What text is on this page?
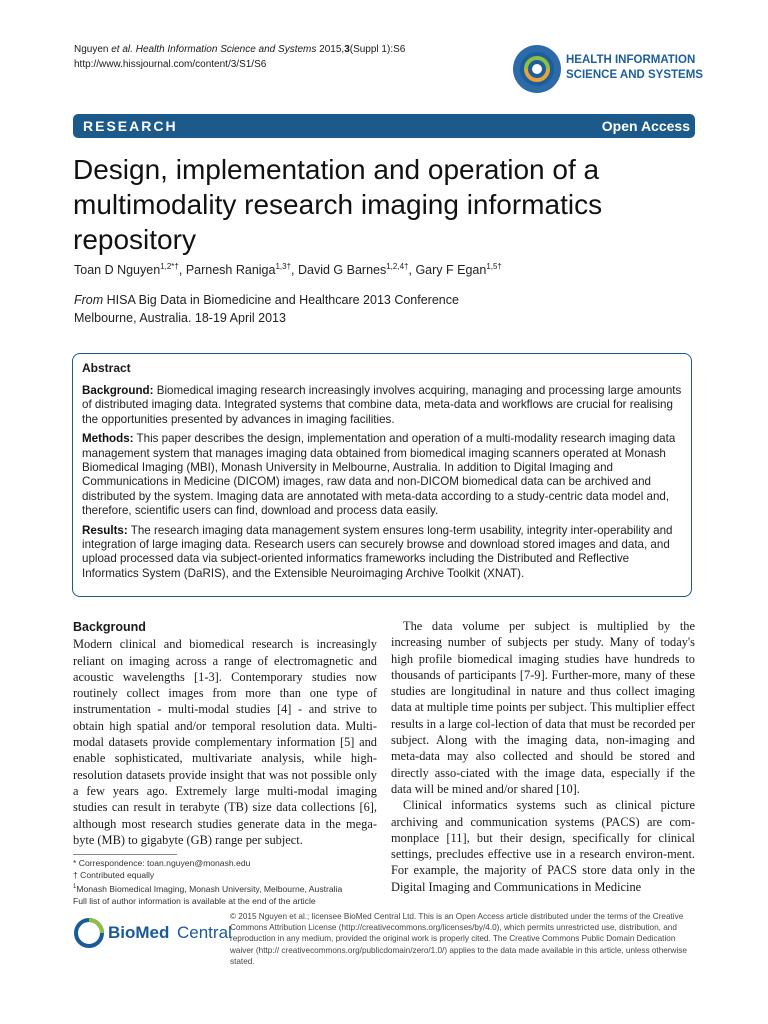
Nguyen et al. Health Information Science and Systems 2015,3(Suppl 1):S6
http://www.hissjournal.com/content/3/S1/S6	HEALTH INFORMATION
SCIENCE AND SYSTEMS
RESEARCH	Open Access
Design, implementation and operation of a multimodality research imaging informatics repository
Toan D Nguyen$^{1,2*\dagger}$, Parnesh Raniga$^{1,3\dagger}$, David G Barnes$^{1,2,4\dagger}$, Gary F Egan$^{1,5\dagger}$
From HISA Big Data in Biomedicine and Healthcare 2013 Conference
Melbourne, Australia. 18-19 April 2013
Abstract

Background: Biomedical imaging research increasingly involves acquiring, managing and processing large amounts of distributed imaging data. Integrated systems that combine data, meta-data and workflows are crucial for realising the opportunities presented by advances in imaging facilities.

Methods: This paper describes the design, implementation and operation of a multi-modality research imaging data management system that manages imaging data obtained from biomedical imaging scanners operated at Monash Biomedical Imaging (MBI), Monash University in Melbourne, Australia. In addition to Digital Imaging and Communications in Medicine (DICOM) images, raw data and non-DICOM biomedical data can be archived and distributed by the system. Imaging data are annotated with meta-data according to a study-centric data model and, therefore, scientific users can find, download and process data easily.

Results: The research imaging data management system ensures long-term usability, integrity inter-operability and integration of large imaging data. Research users can securely browse and download stored images and data, and upload processed data via subject-oriented informatics frameworks including the Distributed and Reflective Informatics System (DaRIS), and the Extensible Neuroimaging Archive Toolkit (XNAT).

Background

Modern clinical and biomedical research is increasingly reliant on imaging across a range of electromagnetic and acoustic wavelengths [1-3]. Contemporary studies now routinely collect images from more than one type of instrumentation - multi-modal studies [4] - and strive to obtain high spatial and/or temporal resolution data. Multi-modal datasets provide complementary information [5] and enable sophisticated, multivariate analysis, while high-resolution datasets provide insight that was not possible only a few years ago. Extremely large multi-modal imaging studies can result in terabyte (TB) size data collections [6], although most research studies generate data in the mega-byte (MB) to gigabyte (GB) range per subject.

The data volume per subject is multiplied by the increasing number of subjects per study. Many of today's high profile biomedical imaging studies have hundreds to thousands of participants [7-9]. Further-more, many of these studies are longitudinal in nature and thus collect imaging data at multiple time points per subject. This multiplier effect results in a large col-lection of data that must be recorded per subject. Along with the imaging data, non-imaging and meta-data may also collected and should be stored and directly asso-ciated with the image data, especially if the data will be mined and/or shared [10].

Clinical informatics systems such as clinical picture archiving and communication systems (PACS) are com-monplace [11], but their design, specifically for clinical settings, precludes effective use in a research environ-ment. For example, the majority of PACS store data only in the Digital Imaging and Communications in Medicine

* Correspondence: toan.nguyen@monash.edu
† Contributed equally
$^1$Monash Biomedical Imaging, Monash University, Melbourne, Australia
Full list of author information is available at the end of the article
BioMed Central
© 2015 Nguyen et al.; licensee BioMed Central Ltd. This is an Open Access article distributed under the terms of the Creative Commons Attribution License (http://creativecommons.org/licenses/by/4.0), which permits unrestricted use, distribution, and reproduction in any medium, provided the original work is properly cited. The Creative Commons Public Domain Dedication waiver (http:// creativecommons.org/publicdomain/zero/1.0/) applies to the data made available in this article, unless otherwise stated.
